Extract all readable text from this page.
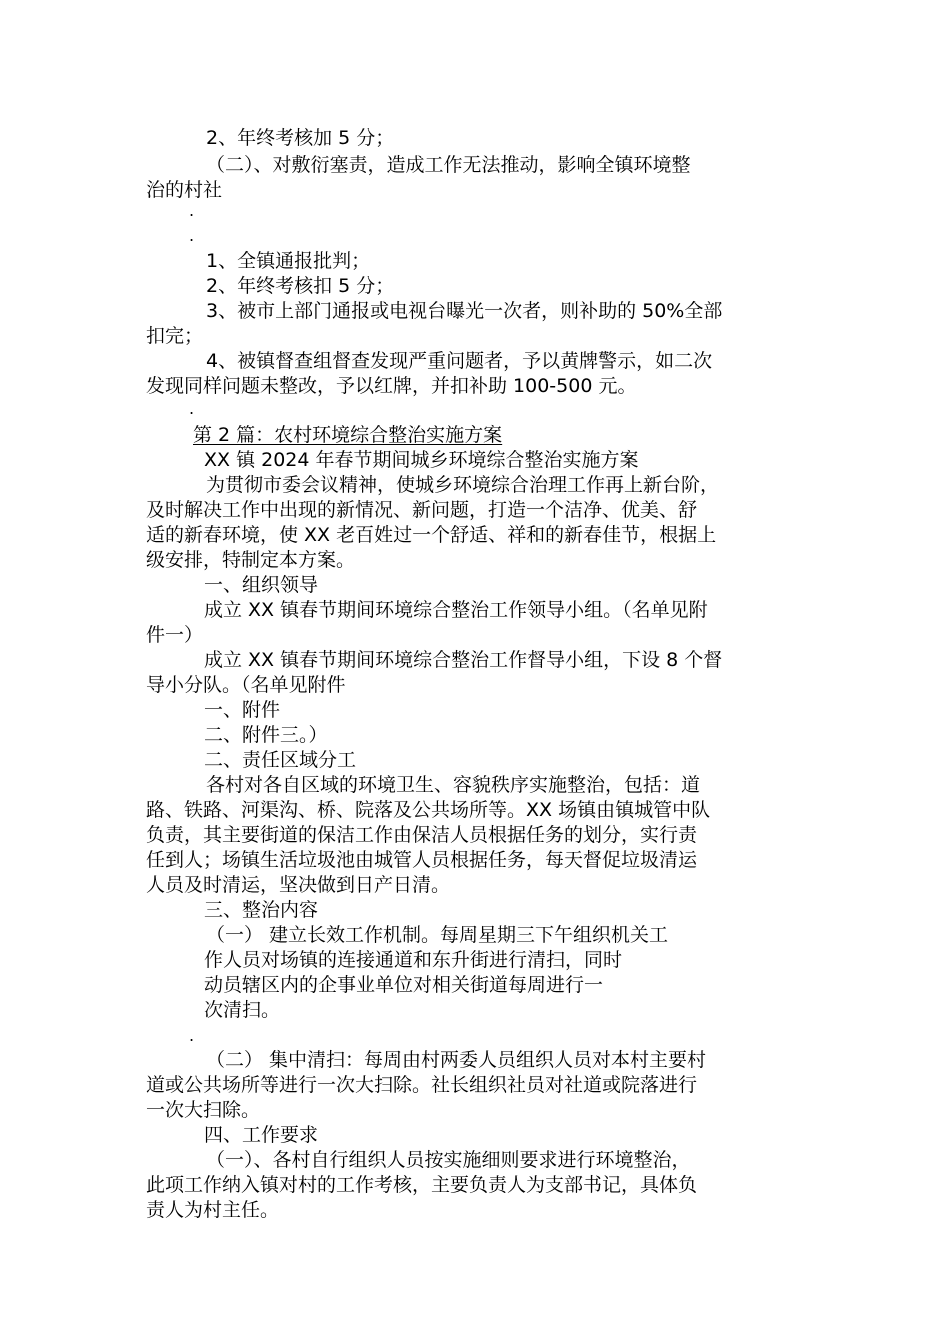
2、年终考核加 5 分；

（二）、对敷衍塞责，造成工作无法推动，影响全镇环境整

治的村社

.

.

1、全镇通报批判；

2、年终考核扣 5 分；

3、被市上部门通报或电视台曝光一次者，则补助的 50%全部

扣完；

4、被镇督查组督查发现严重问题者，予以黄牌警示，如二次

发现同样问题未整改，予以红牌，并扣补助 100-500 元。

.

第 2 篇：农村环境综合整治实施方案

XX 镇 2024 年春节期间城乡环境综合整治实施方案

为贯彻市委会议精神，使城乡环境综合治理工作再上新台阶，

及时解决工作中出现的新情况、新问题，打造一个洁净、优美、舒

适的新春环境，使 XX 老百姓过一个舒适、祥和的新春佳节，根据上

级安排，特制定本方案。

一、组织领导

成立 XX 镇春节期间环境综合整治工作领导小组。（名单见附

件一）

成立 XX 镇春节期间环境综合整治工作督导小组，下设 8 个督

导小分队。（名单见附件

一、附件

二、附件三。）

二、责任区域分工

各村对各自区域的环境卫生、容貌秩序实施整治，包括：道

路、铁路、河渠沟、桥、院落及公共场所等。XX 场镇由镇城管中队

负责，其主要街道的保洁工作由保洁人员根据任务的划分，实行责

任到人；场镇生活垃圾池由城管人员根据任务，每天督促垃圾清运

人员及时清运，坚决做到日产日清。

三、整治内容

（一） 建立长效工作机制。每周星期三下午组织机关工

作人员对场镇的连接通道和东升街进行清扫，同时

动员辖区内的企事业单位对相关街道每周进行一

次清扫。

.

（二） 集中清扫：每周由村两委人员组织人员对本村主要村

道或公共场所等进行一次大扫除。社长组织社员对社道或院落进行

一次大扫除。

四、工作要求

（一）、各村自行组织人员按实施细则要求进行环境整治，

此项工作纳入镇对村的工作考核，主要负责人为支部书记，具体负

责人为村主任。
